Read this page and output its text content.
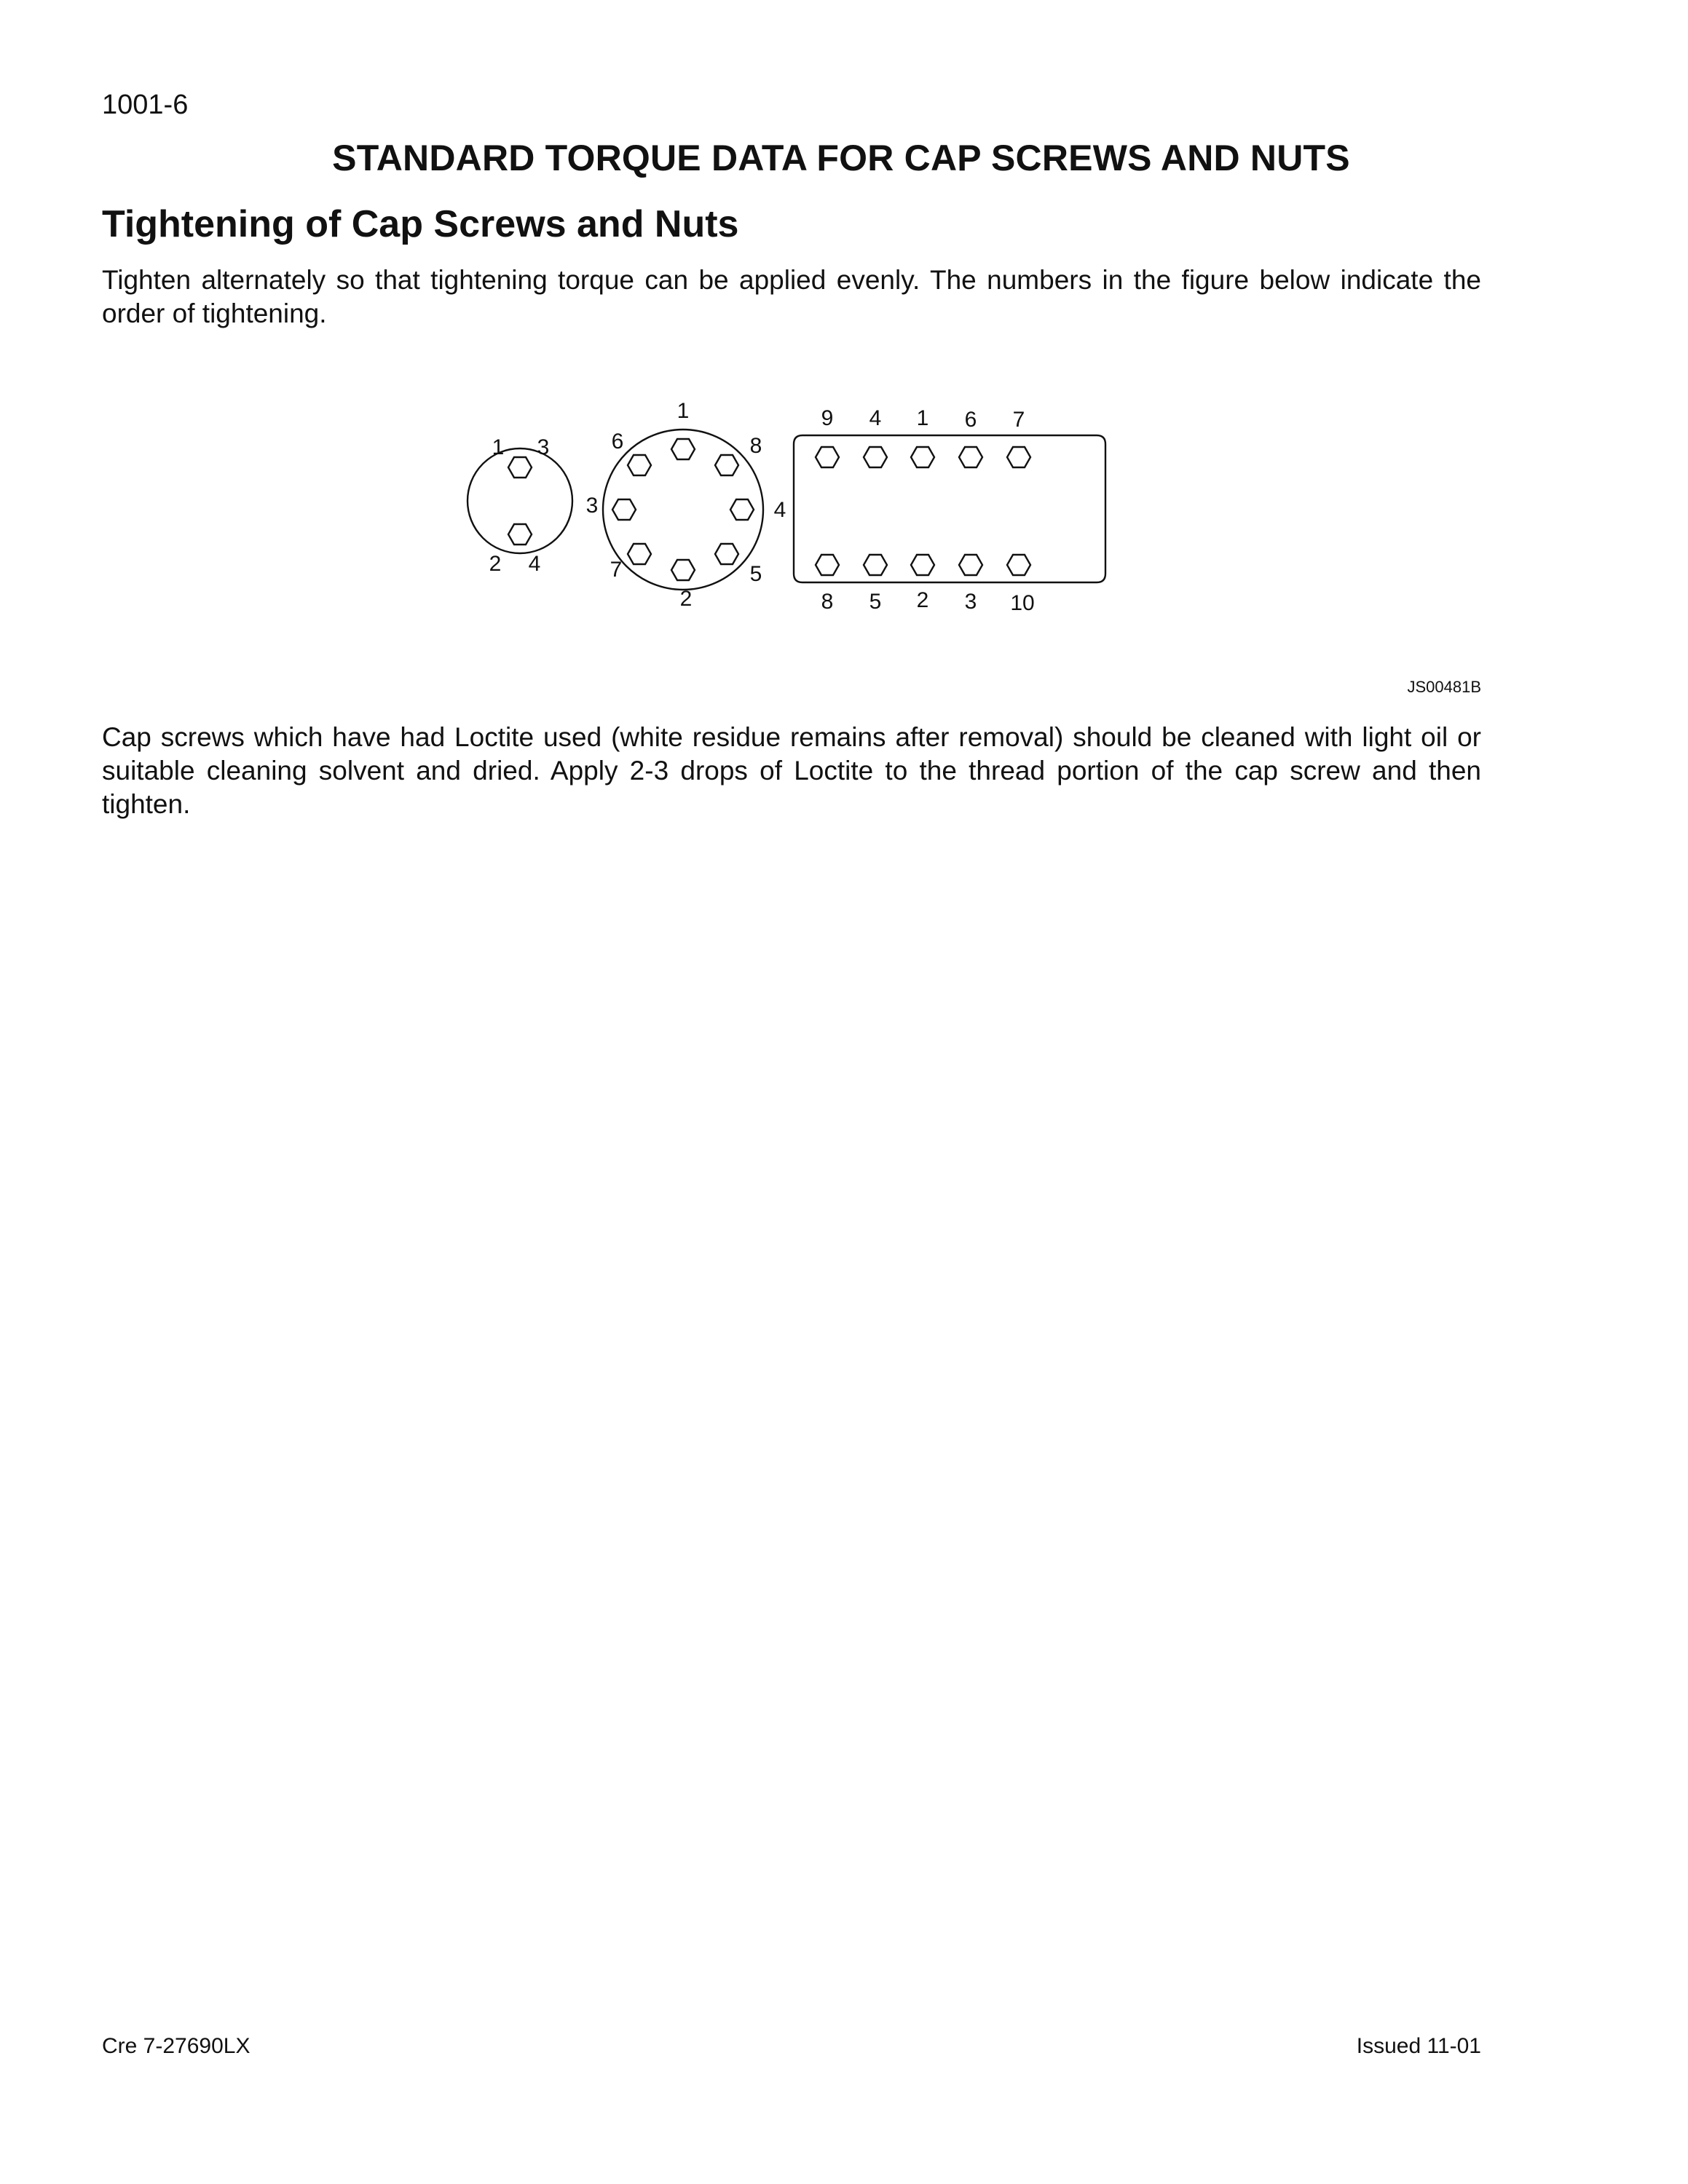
1001-6
STANDARD TORQUE DATA FOR CAP SCREWS AND NUTS
Tightening of Cap Screws and Nuts

Tighten alternately so that tightening torque can be applied evenly. The numbers in the figure below indicate the order of tightening.

1 3
2 4
1
8
4
5
2
7
3
6
9 4 1 6 7
8 5 2 3 10
JS00481B

Cap screws which have had Loctite used (white residue remains after removal) should be cleaned with light oil or suitable cleaning solvent and dried. Apply 2-3 drops of Loctite to the thread portion of the cap screw and then tighten.

Cre 7-27690LX	Issued 11-01
